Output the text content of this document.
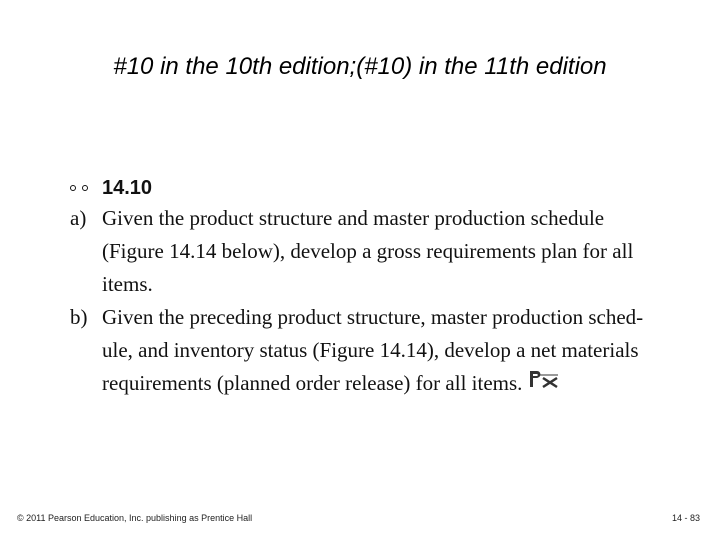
#10 in the 10th edition;(#10) in the 11th edition
14.10
a) Given the product structure and master production schedule
(Figure 14.14 below), develop a gross requirements plan for all
items.
b) Given the preceding product structure, master production sched-
ule, and inventory status (Figure 14.14), develop a net materials
requirements (planned order release) for all items.
© 2011 Pearson Education, Inc. publishing as Prentice Hall	14 - 83
